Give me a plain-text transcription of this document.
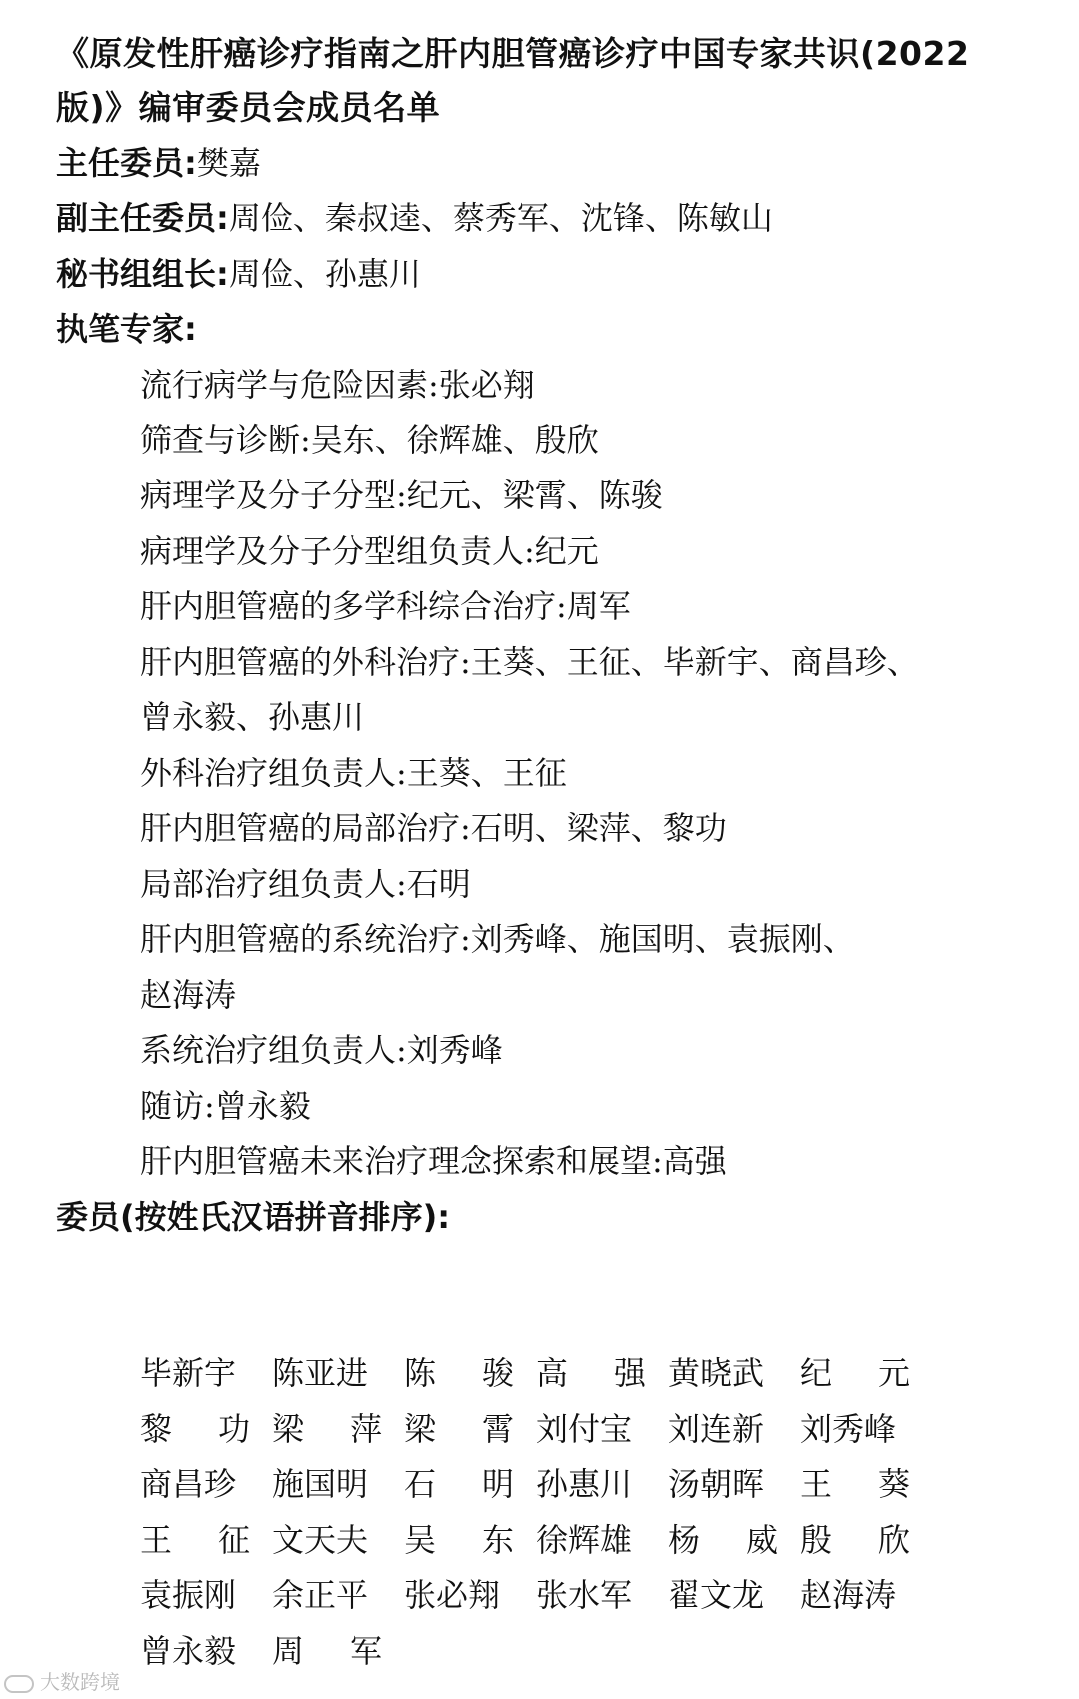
《原发性肝癌诊疗指南之肝内胆管癌诊疗中国专家共识(2022
版)》编审委员会成员名单
主任委员:樊嘉
副主任委员:周俭、秦叔逵、蔡秀军、沈锋、陈敏山
秘书组组长:周俭、孙惠川
执笔专家:
流行病学与危险因素:张必翔
筛查与诊断:吴东、徐辉雄、殷欣
病理学及分子分型:纪元、梁霄、陈骏
病理学及分子分型组负责人:纪元
肝内胆管癌的多学科综合治疗:周军
肝内胆管癌的外科治疗:王葵、王征、毕新宇、商昌珍、
曾永毅、孙惠川
外科治疗组负责人:王葵、王征
肝内胆管癌的局部治疗:石明、梁萍、黎功
局部治疗组负责人:石明
肝内胆管癌的系统治疗:刘秀峰、施国明、袁振刚、
赵海涛
系统治疗组负责人:刘秀峰
随访:曾永毅
肝内胆管癌未来治疗理念探索和展望:高强
委员(按姓氏汉语拼音排序):
毕新宇	陈亚进	陈 骏 高 强 黄晓武	纪 元
黎 功 梁 萍 梁 霄 刘付宝	刘连新	刘秀峰
商昌珍	施国明	石 明 孙惠川	汤朝晖	王 葵
王 征 文天夫	吴 东 徐辉雄	杨 威 殷 欣
袁振刚	余正平	张必翔	张水军	翟文龙	赵海涛
曾永毅	周 军
大数跨境
